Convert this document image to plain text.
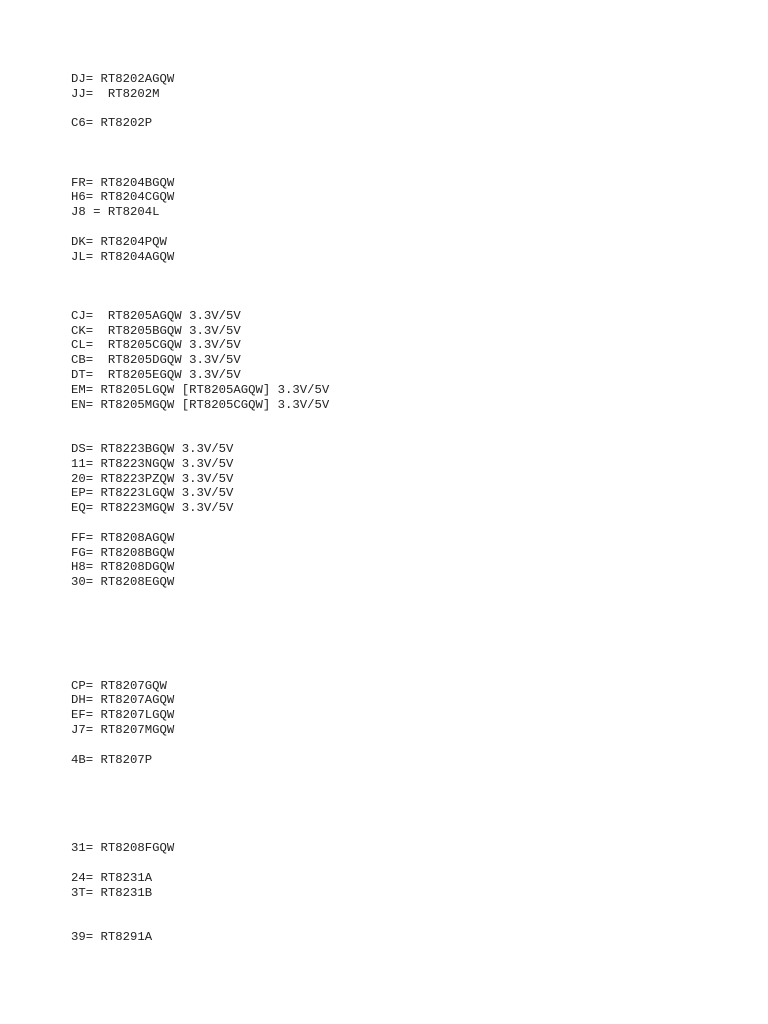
DJ= RT8202AGQW
JJ=  RT8202M
C6= RT8202P
FR= RT8204BGQW
H6= RT8204CGQW
J8 = RT8204L
DK= RT8204PQW
JL= RT8204AGQW
CJ=  RT8205AGQW 3.3V/5V
CK=  RT8205BGQW 3.3V/5V
CL=  RT8205CGQW 3.3V/5V
CB=  RT8205DGQW 3.3V/5V
DT=  RT8205EGQW 3.3V/5V
EM= RT8205LGQW [RT8205AGQW] 3.3V/5V
EN= RT8205MGQW [RT8205CGQW] 3.3V/5V
DS= RT8223BGQW 3.3V/5V
11= RT8223NGQW 3.3V/5V
20= RT8223PZQW 3.3V/5V
EP= RT8223LGQW 3.3V/5V
EQ= RT8223MGQW 3.3V/5V
FF= RT8208AGQW
FG= RT8208BGQW
H8= RT8208DGQW
30= RT8208EGQW
CP= RT8207GQW
DH= RT8207AGQW
EF= RT8207LGQW
J7= RT8207MGQW
4B= RT8207P
31= RT8208FGQW
24= RT8231A
3T= RT8231B
39= RT8291A
